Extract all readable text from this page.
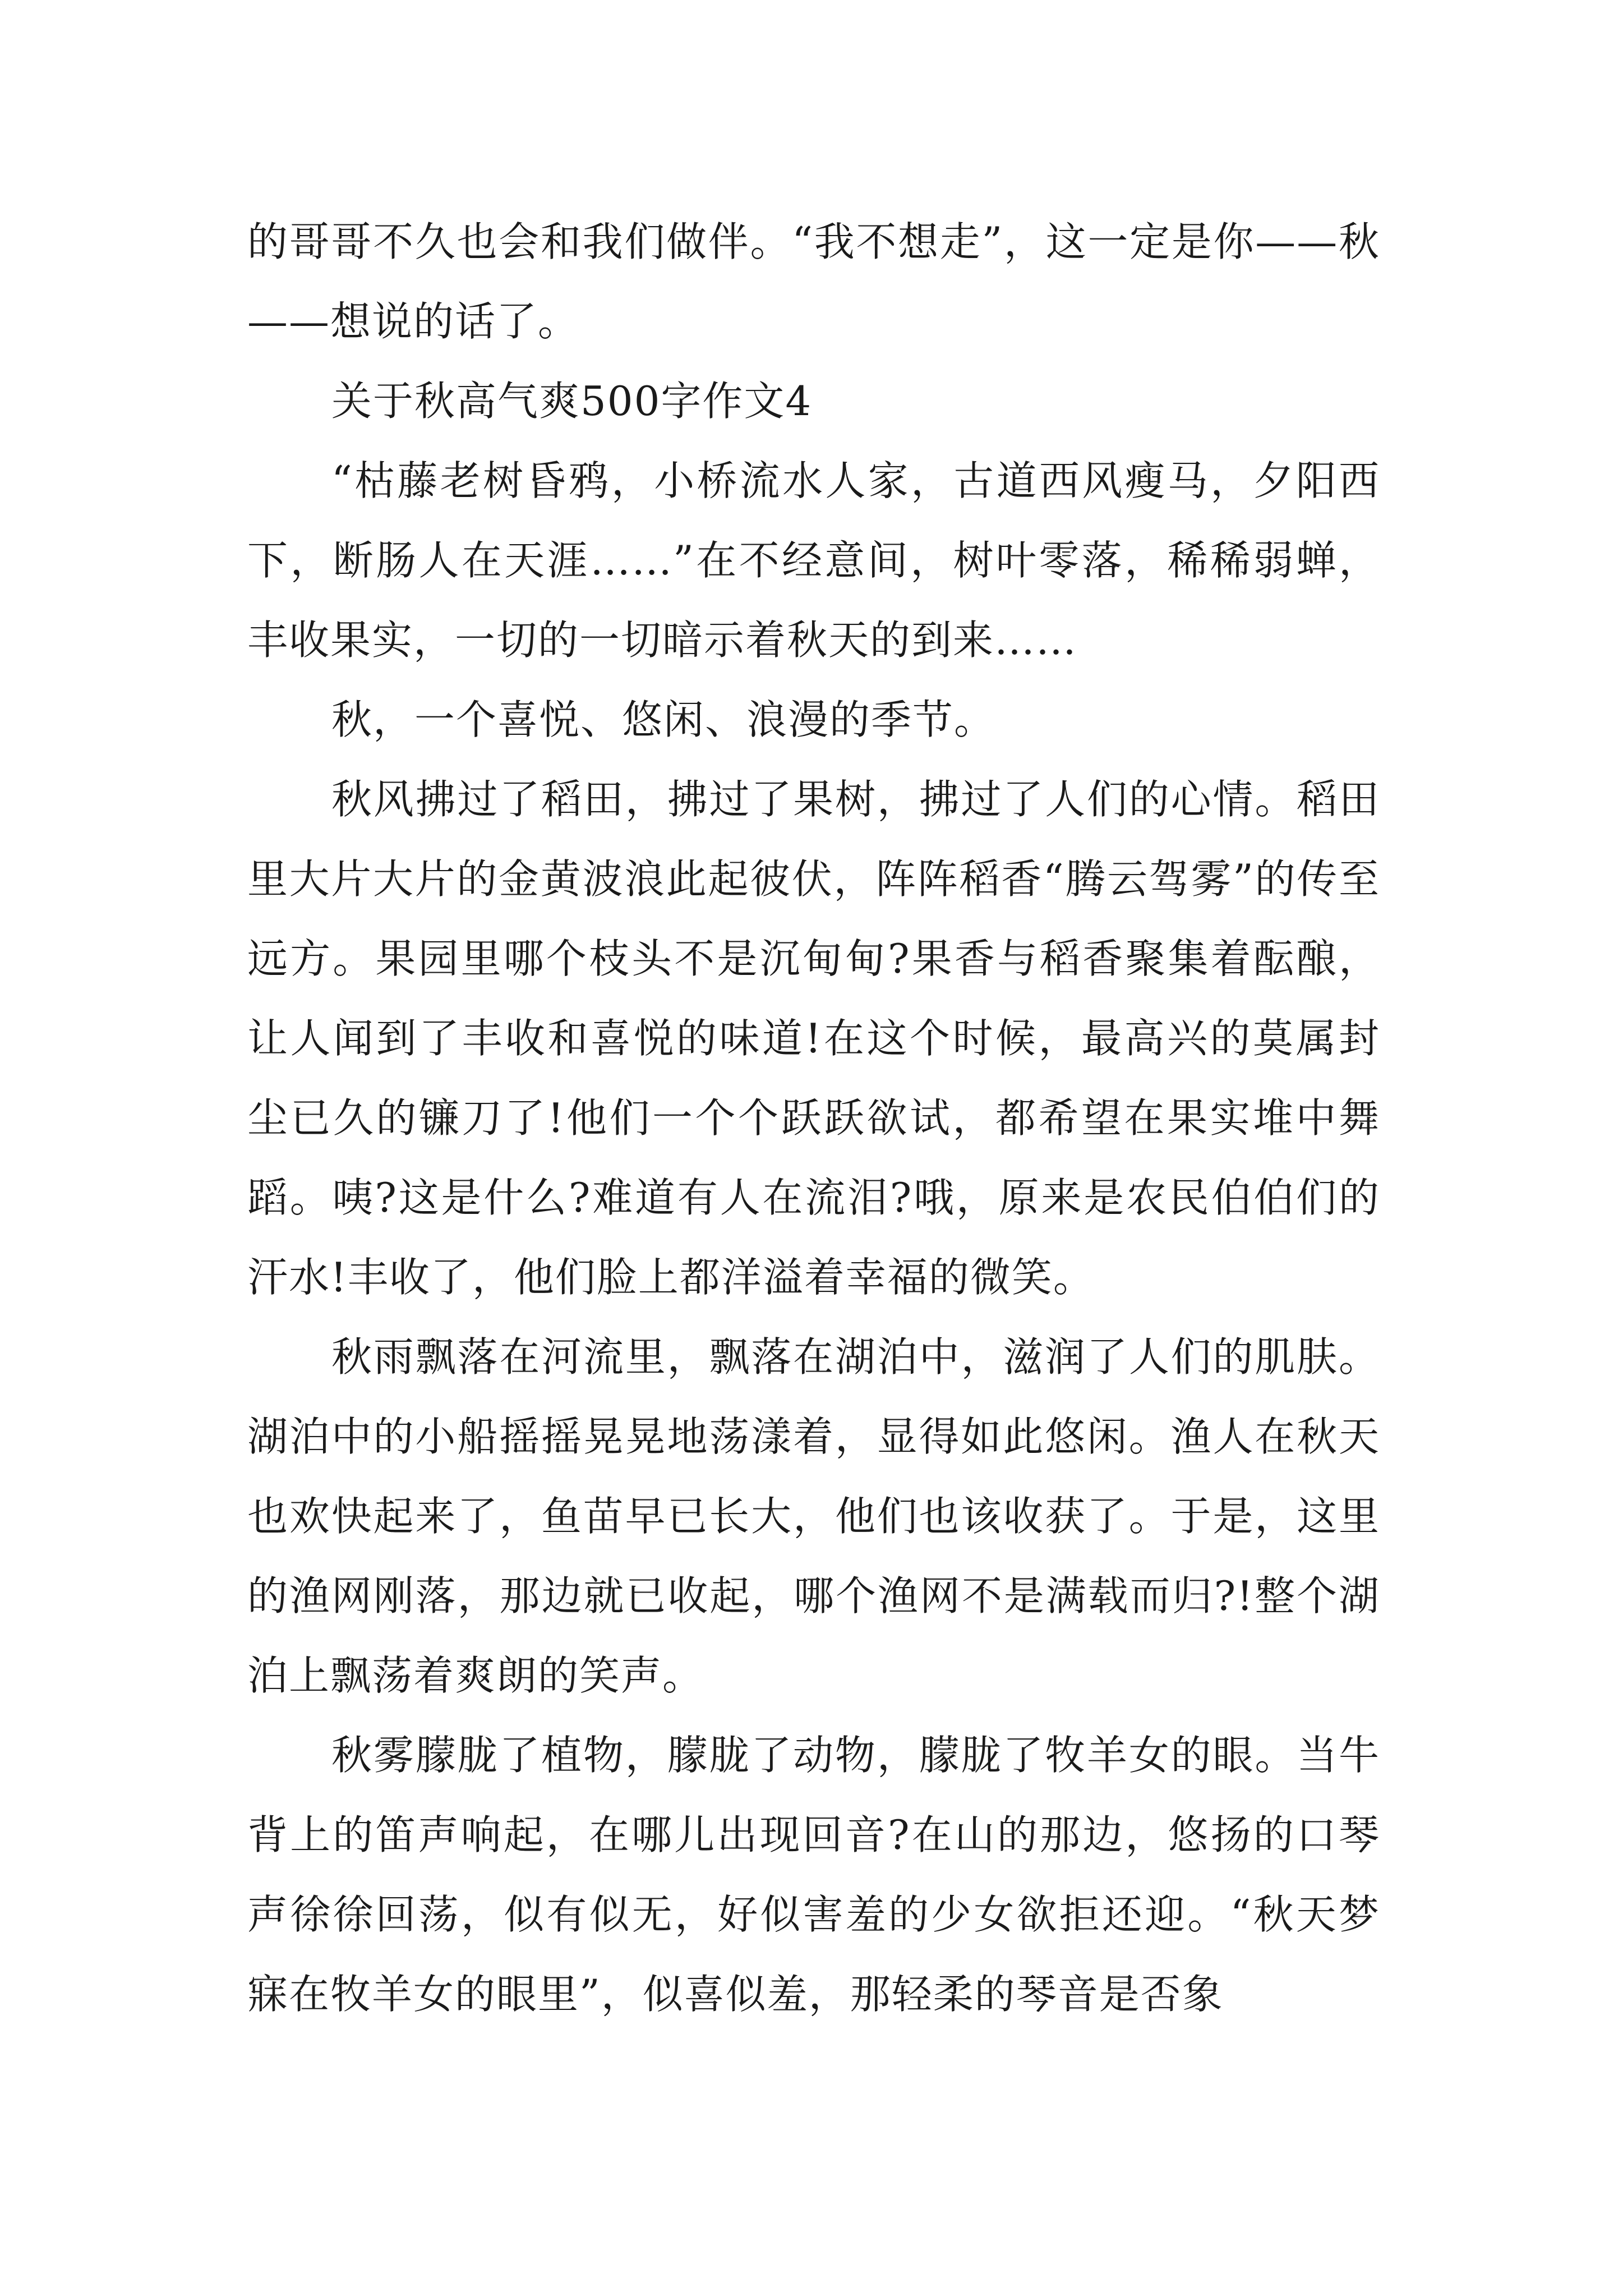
的哥哥不久也会和我们做伴。“我不想走”，这一定是你——秋——想说的话了。

关于秋高气爽500字作文4

“枯藤老树昏鸦，小桥流水人家，古道西风瘦马，夕阳西下，断肠人在天涯……”在不经意间，树叶零落，稀稀弱蝉，丰收果实，一切的一切暗示着秋天的到来……

秋，一个喜悦、悠闲、浪漫的季节。

秋风拂过了稻田，拂过了果树，拂过了人们的心情。稻田里大片大片的金黄波浪此起彼伏，阵阵稻香“腾云驾雾”的传至远方。果园里哪个枝头不是沉甸甸?果香与稻香聚集着酝酿，让人闻到了丰收和喜悦的味道!在这个时候，最高兴的莫属封尘已久的镰刀了!他们一个个跃跃欲试，都希望在果实堆中舞蹈。咦?这是什么?难道有人在流泪?哦，原来是农民伯伯们的汗水!丰收了，他们脸上都洋溢着幸福的微笑。

秋雨飘落在河流里，飘落在湖泊中，滋润了人们的肌肤。湖泊中的小船摇摇晃晃地荡漾着，显得如此悠闲。渔人在秋天也欢快起来了，鱼苗早已长大，他们也该收获了。于是，这里的渔网刚落，那边就已收起，哪个渔网不是满载而归?!整个湖泊上飘荡着爽朗的笑声。

秋雾朦胧了植物，朦胧了动物，朦胧了牧羊女的眼。当牛背上的笛声响起，在哪儿出现回音?在山的那边，悠扬的口琴声徐徐回荡，似有似无，好似害羞的少女欲拒还迎。“秋天梦寐在牧羊女的眼里”，似喜似羞，那轻柔的琴音是否象
